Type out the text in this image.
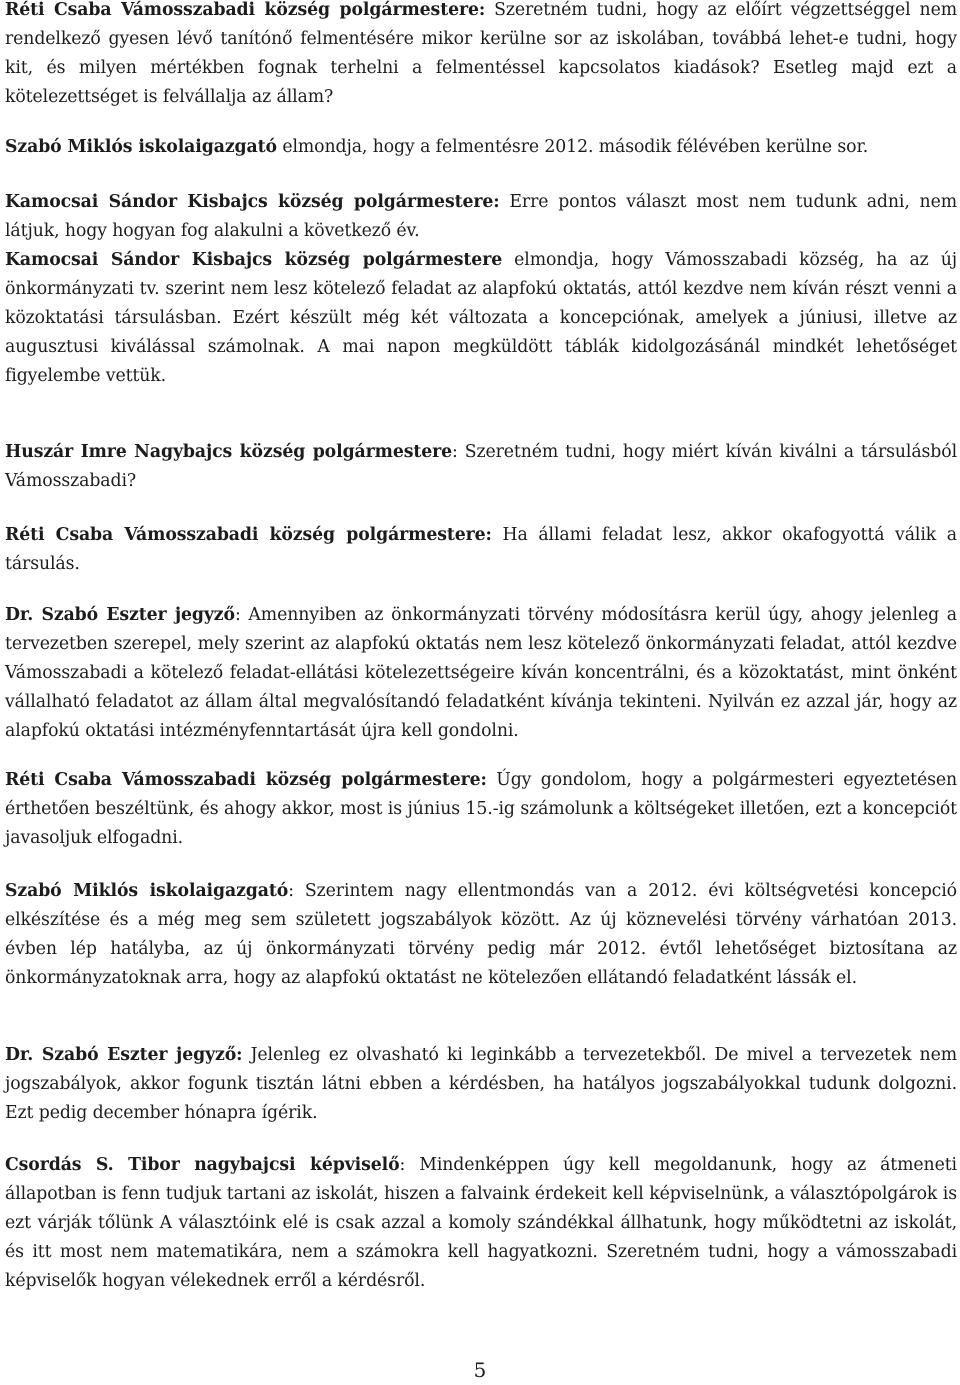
Réti Csaba Vámosszabadi község polgármestere: Szeretném tudni, hogy az előírt végzettséggel nem rendelkező gyesen lévő tanítónő felmentésére mikor kerülne sor az iskolában, továbbá lehet-e tudni, hogy kit, és milyen mértékben fognak terhelni a felmentéssel kapcsolatos kiadások? Esetleg majd ezt a kötelezettséget is felvállalja az állam?

Szabó Miklós iskolaigazgató elmondja, hogy a felmentésre 2012. második félévében kerülne sor.

Kamocsai Sándor Kisbajcs község polgármestere: Erre pontos választ most nem tudunk adni, nem látjuk, hogy hogyan fog alakulni a következő év.

Kamocsai Sándor Kisbajcs község polgármestere elmondja, hogy Vámosszabadi község, ha az új önkormányzati tv. szerint nem lesz kötelező feladat az alapfokú oktatás, attól kezdve nem kíván részt venni a közoktatási társulásban. Ezért készült még két változata a koncepciónak, amelyek a júniusi, illetve az augusztusi kiválással számolnak. A mai napon megküldött táblák kidolgozásánál mindkét lehetőséget figyelembe vettük.

Huszár Imre Nagybajcs község polgármestere: Szeretném tudni, hogy miért kíván kiválni a társulásból Vámosszabadi?

Réti Csaba Vámosszabadi község polgármestere: Ha állami feladat lesz, akkor okafogyottá válik a társulás.

Dr. Szabó Eszter jegyző: Amennyiben az önkormányzati törvény módosításra kerül úgy, ahogy jelenleg a tervezetben szerepel, mely szerint az alapfokú oktatás nem lesz kötelező önkormányzati feladat, attól kezdve Vámosszabadi a kötelező feladat-ellátási kötelezettségeire kíván koncentrálni, és a közoktatást, mint önként vállalható feladatot az állam által megvalósítandó feladatként kívánja tekinteni. Nyilván ez azzal jár, hogy az alapfokú oktatási intézményfenntartását újra kell gondolni.

Réti Csaba Vámosszabadi község polgármestere: Úgy gondolom, hogy a polgármesteri egyeztetésen érthetően beszéltünk, és ahogy akkor, most is június 15.-ig számolunk a költségeket illetően, ezt a koncepciót javasoljuk elfogadni.

Szabó Miklós iskolaigazgató: Szerintem nagy ellentmondás van a 2012. évi költségvetési koncepció elkészítése és a még meg sem született jogszabályok között. Az új köznevelési törvény várhatóan 2013. évben lép hatályba, az új önkormányzati törvény pedig már 2012. évtől lehetőséget biztosítana az önkormányzatoknak arra, hogy az alapfokú oktatást ne kötelezően ellátandó feladatként lássák el.

Dr. Szabó Eszter jegyző: Jelenleg ez olvasható ki leginkább a tervezetekből. De mivel a tervezetek nem jogszabályok, akkor fogunk tisztán látni ebben a kérdésben, ha hatályos jogszabályokkal tudunk dolgozni. Ezt pedig december hónapra ígérik.

Csordás S. Tibor nagybajcsi képviselő: Mindenképpen úgy kell megoldanunk, hogy az átmeneti állapotban is fenn tudjuk tartani az iskolát, hiszen a falvaink érdekeit kell képviselnünk, a választópolgárok is ezt várják tőlünk A választóink elé is csak azzal a komoly szándékkal állhatunk, hogy működtetni az iskolát, és itt most nem matematikára, nem a számokra kell hagyatkozni. Szeretném tudni, hogy a vámosszabadi képviselők hogyan vélekednek erről a kérdésről.

5
